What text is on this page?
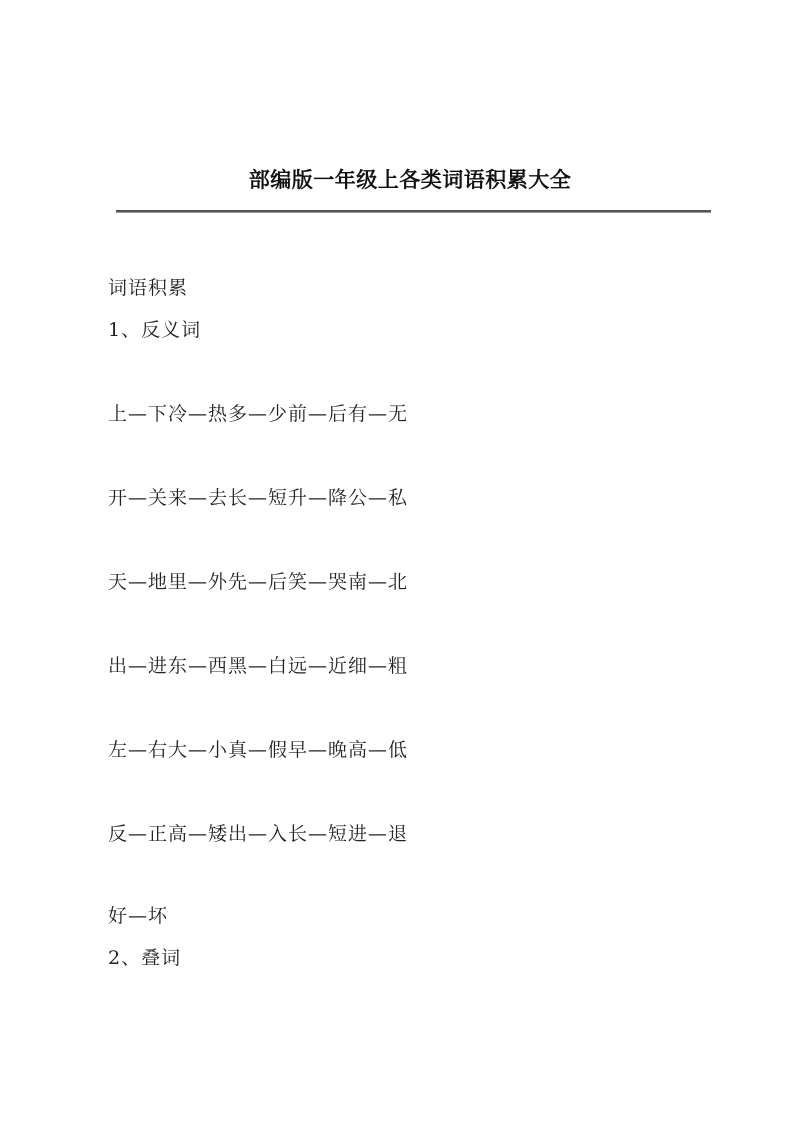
部编版一年级上各类词语积累大全

词语积累

1、反义词

上—下冷—热多—少前—后有—无

开—关来—去长—短升—降公—私

天—地里—外先—后笑—哭南—北

出—进东—西黑—白远—近细—粗

左—右大—小真—假早—晚高—低

反—正高—矮出—入长—短进—退

好—坏

2、叠词
